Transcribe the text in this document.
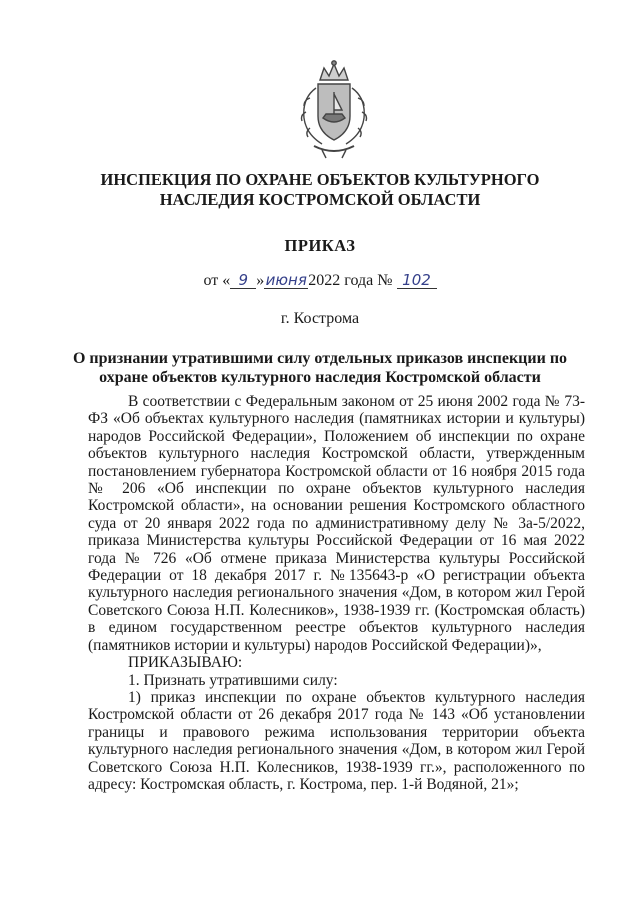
ИНСПЕКЦИЯ ПО ОХРАНЕ ОБЪЕКТОВ КУЛЬТУРНОГО
НАСЛЕДИЯ КОСТРОМСКОЙ ОБЛАСТИ
ПРИКАЗ
от « 9 »июня2022 года № 102
г. Кострома
О признании утратившими силу отдельных приказов инспекции по
охране объектов культурного наследия Костромской области

В соответствии с Федеральным законом от 25 июня 2002 года № 73-ФЗ «Об объектах культурного наследия (памятниках истории и культуры) народов Российской Федерации», Положением об инспекции по охране объектов культурного наследия Костромской области, утвержденным постановлением губернатора Костромской области от 16 ноября 2015 года № 206 «Об инспекции по охране объектов культурного наследия Костромской области», на основании решения Костромского областного суда от 20 января 2022 года по административному делу № 3а-5/2022, приказа Министерства культуры Российской Федерации от 16 мая 2022 года № 726 «Об отмене приказа Министерства культуры Российской Федерации от 18 декабря 2017 г. №135643-р «О регистрации объекта культурного наследия регионального значения «Дом, в котором жил Герой Советского Союза Н.П. Колесников», 1938-1939 гг. (Костромская область) в едином государственном реестре объектов культурного наследия (памятников истории и культуры) народов Российской Федерации)»,

ПРИКАЗЫВАЮ:

1. Признать утратившими силу:

1) приказ инспекции по охране объектов культурного наследия Костромской области от 26 декабря 2017 года № 143 «Об установлении границы и правового режима использования территории объекта культурного наследия регионального значения «Дом, в котором жил Герой Советского Союза Н.П. Колесников, 1938-1939 гг.», расположенного по адресу: Костромская область, г. Кострома, пер. 1-й Водяной, 21»;
